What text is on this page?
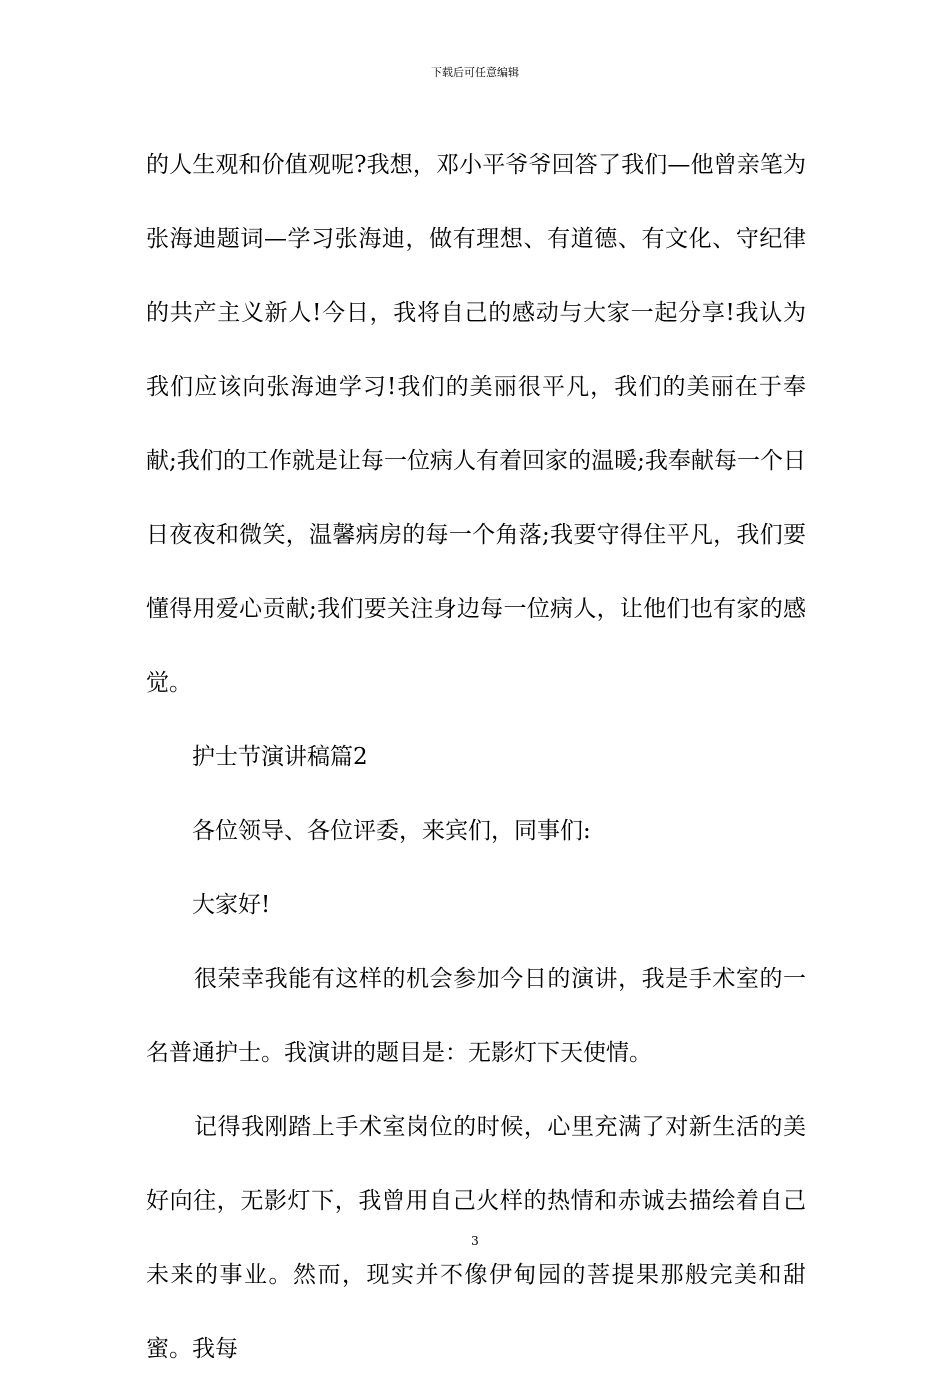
下载后可任意编辑

的人生观和价值观呢?我想，邓小平爷爷回答了我们—他曾亲笔为张海迪题词—学习张海迪，做有理想、有道德、有文化、守纪律的共产主义新人!今日，我将自己的感动与大家一起分享!我认为我们应该向张海迪学习!我们的美丽很平凡，我们的美丽在于奉献;我们的工作就是让每一位病人有着回家的温暖;我奉献每一个日日夜夜和微笑，温馨病房的每一个角落;我要守得住平凡，我们要懂得用爱心贡献;我们要关注身边每一位病人，让他们也有家的感觉。

护士节演讲稿篇2

各位领导、各位评委，来宾们，同事们:

大家好!

很荣幸我能有这样的机会参加今日的演讲，我是手术室的一名普通护士。我演讲的题目是：无影灯下天使情。

记得我刚踏上手术室岗位的时候，心里充满了对新生活的美好向往，无影灯下，我曾用自己火样的热情和赤诚去描绘着自己未来的事业。然而，现实并不像伊甸园的菩提果那般完美和甜蜜。我每

3
